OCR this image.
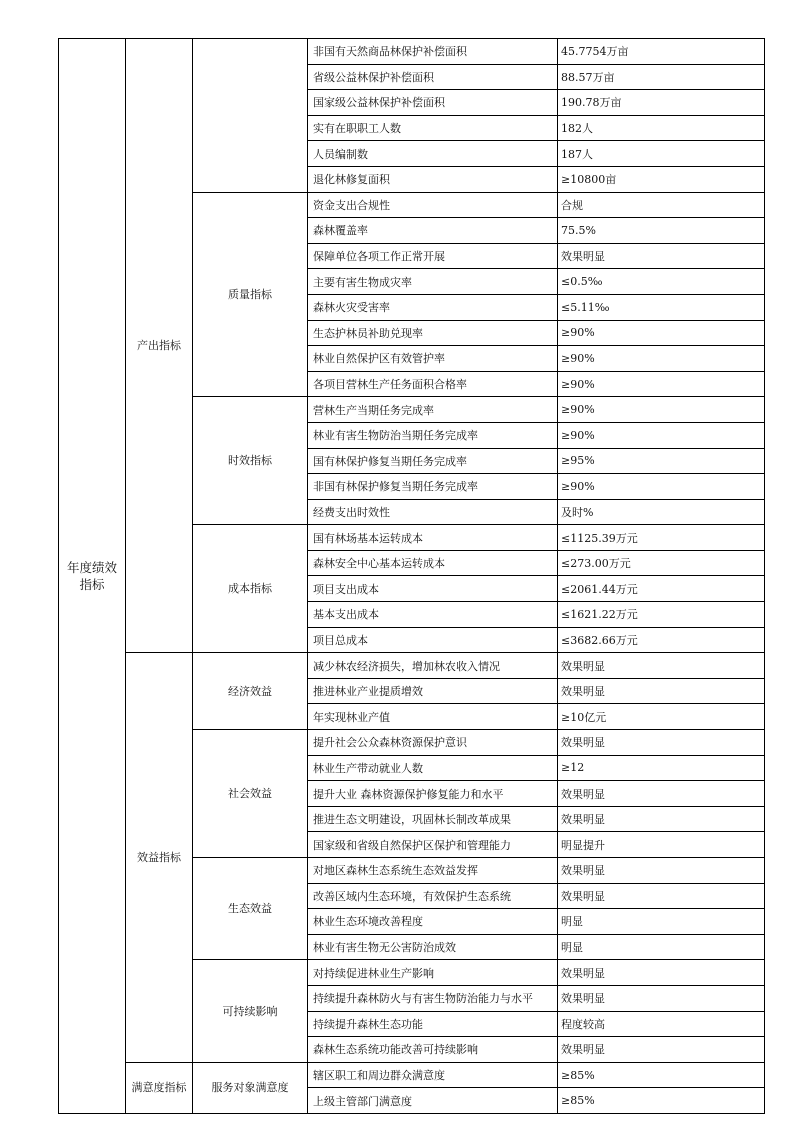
年度绩效指标	产出指标		非国有天然商品林保护补偿面积	45.7754万亩
			省级公益林保护补偿面积	88.57万亩
			国家级公益林保护补偿面积	190.78万亩
			实有在职职工人数	182人
			人员编制数	187人
			退化林修复面积	≥10800亩
		质量指标	资金支出合规性	合规
			森林覆盖率	75.5%
			保障单位各项工作正常开展	效果明显
			主要有害生物成灾率	≤0.5‰
			森林火灾受害率	≤5.11‰
			生态护林员补助兑现率	≥90%
			林业自然保护区有效管护率	≥90%
			各项目营林生产任务面积合格率	≥90%
		时效指标	营林生产当期任务完成率	≥90%
			林业有害生物防治当期任务完成率	≥90%
			国有林保护修复当期任务完成率	≥95%
			非国有林保护修复当期任务完成率	≥90%
			经费支出时效性	及时%
		成本指标	国有林场基本运转成本	≤1125.39万元
			森林安全中心基本运转成本	≤273.00万元
			项目支出成本	≤2061.44万元
			基本支出成本	≤1621.22万元
			项目总成本	≤3682.66万元
	效益指标	经济效益	减少林农经济损失，增加林农收入情况	效果明显
			推进林业产业提质增效	效果明显
			年实现林业产值	≥10亿元
		社会效益	提升社会公众森林资源保护意识	效果明显
			林业生产带动就业人数	≥12
			提升大业 森林资源保护修复能力和水平	效果明显
			推进生态文明建设，巩固林长制改革成果	效果明显
			国家级和省级自然保护区保护和管理能力	明显提升
		生态效益	对地区森林生态系统生态效益发挥	效果明显
			改善区域内生态环境，有效保护生态系统	效果明显
			林业生态环境改善程度	明显
			林业有害生物无公害防治成效	明显
		可持续影响	对持续促进林业生产影响	效果明显
			持续提升森林防火与有害生物防治能力与水平	效果明显
			持续提升森林生态功能	程度较高
			森林生态系统功能改善可持续影响	效果明显
	满意度指标	服务对象满意度	辖区职工和周边群众满意度	≥85%
			上级主管部门满意度	≥85%
